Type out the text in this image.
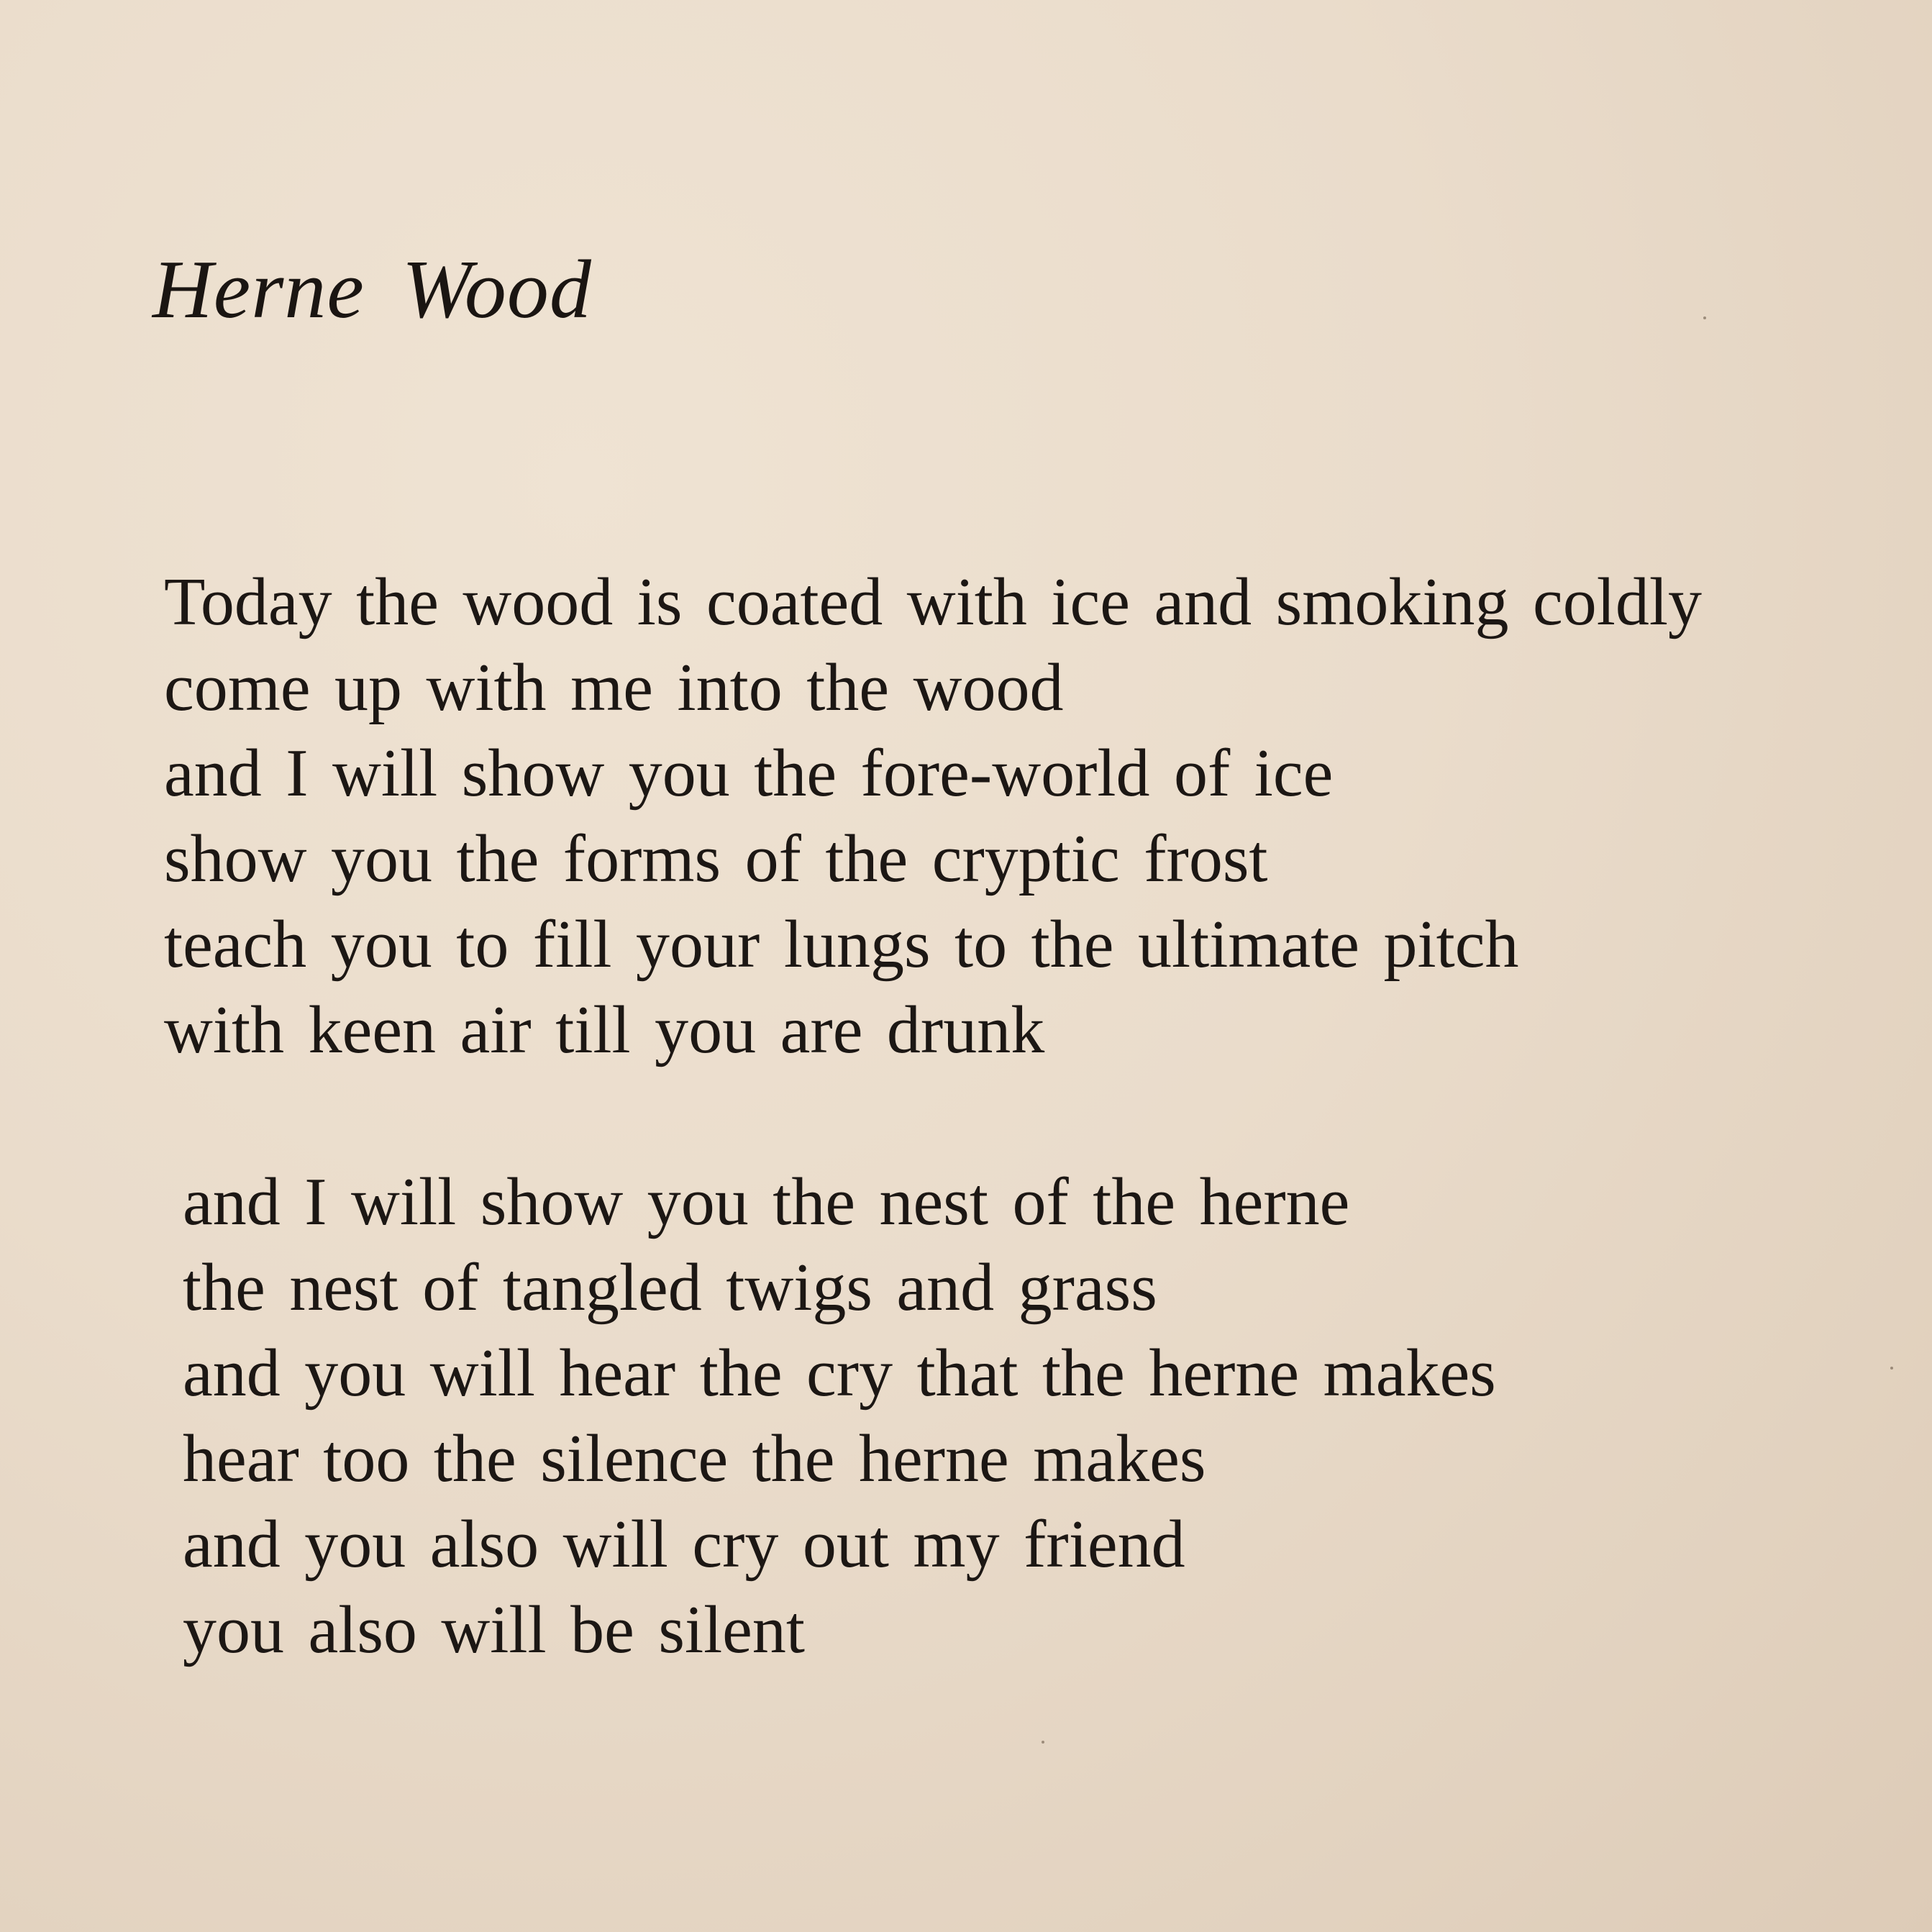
Herne Wood
Today the wood is coated with ice and smoking coldly
come up with me into the wood
and I will show you the fore-world of ice
show you the forms of the cryptic frost
teach you to fill your lungs to the ultimate pitch
with keen air till you are drunk
and I will show you the nest of the herne
the nest of tangled twigs and grass
and you will hear the cry that the herne makes
hear too the silence the herne makes
and you also will cry out my friend
you also will be silent
